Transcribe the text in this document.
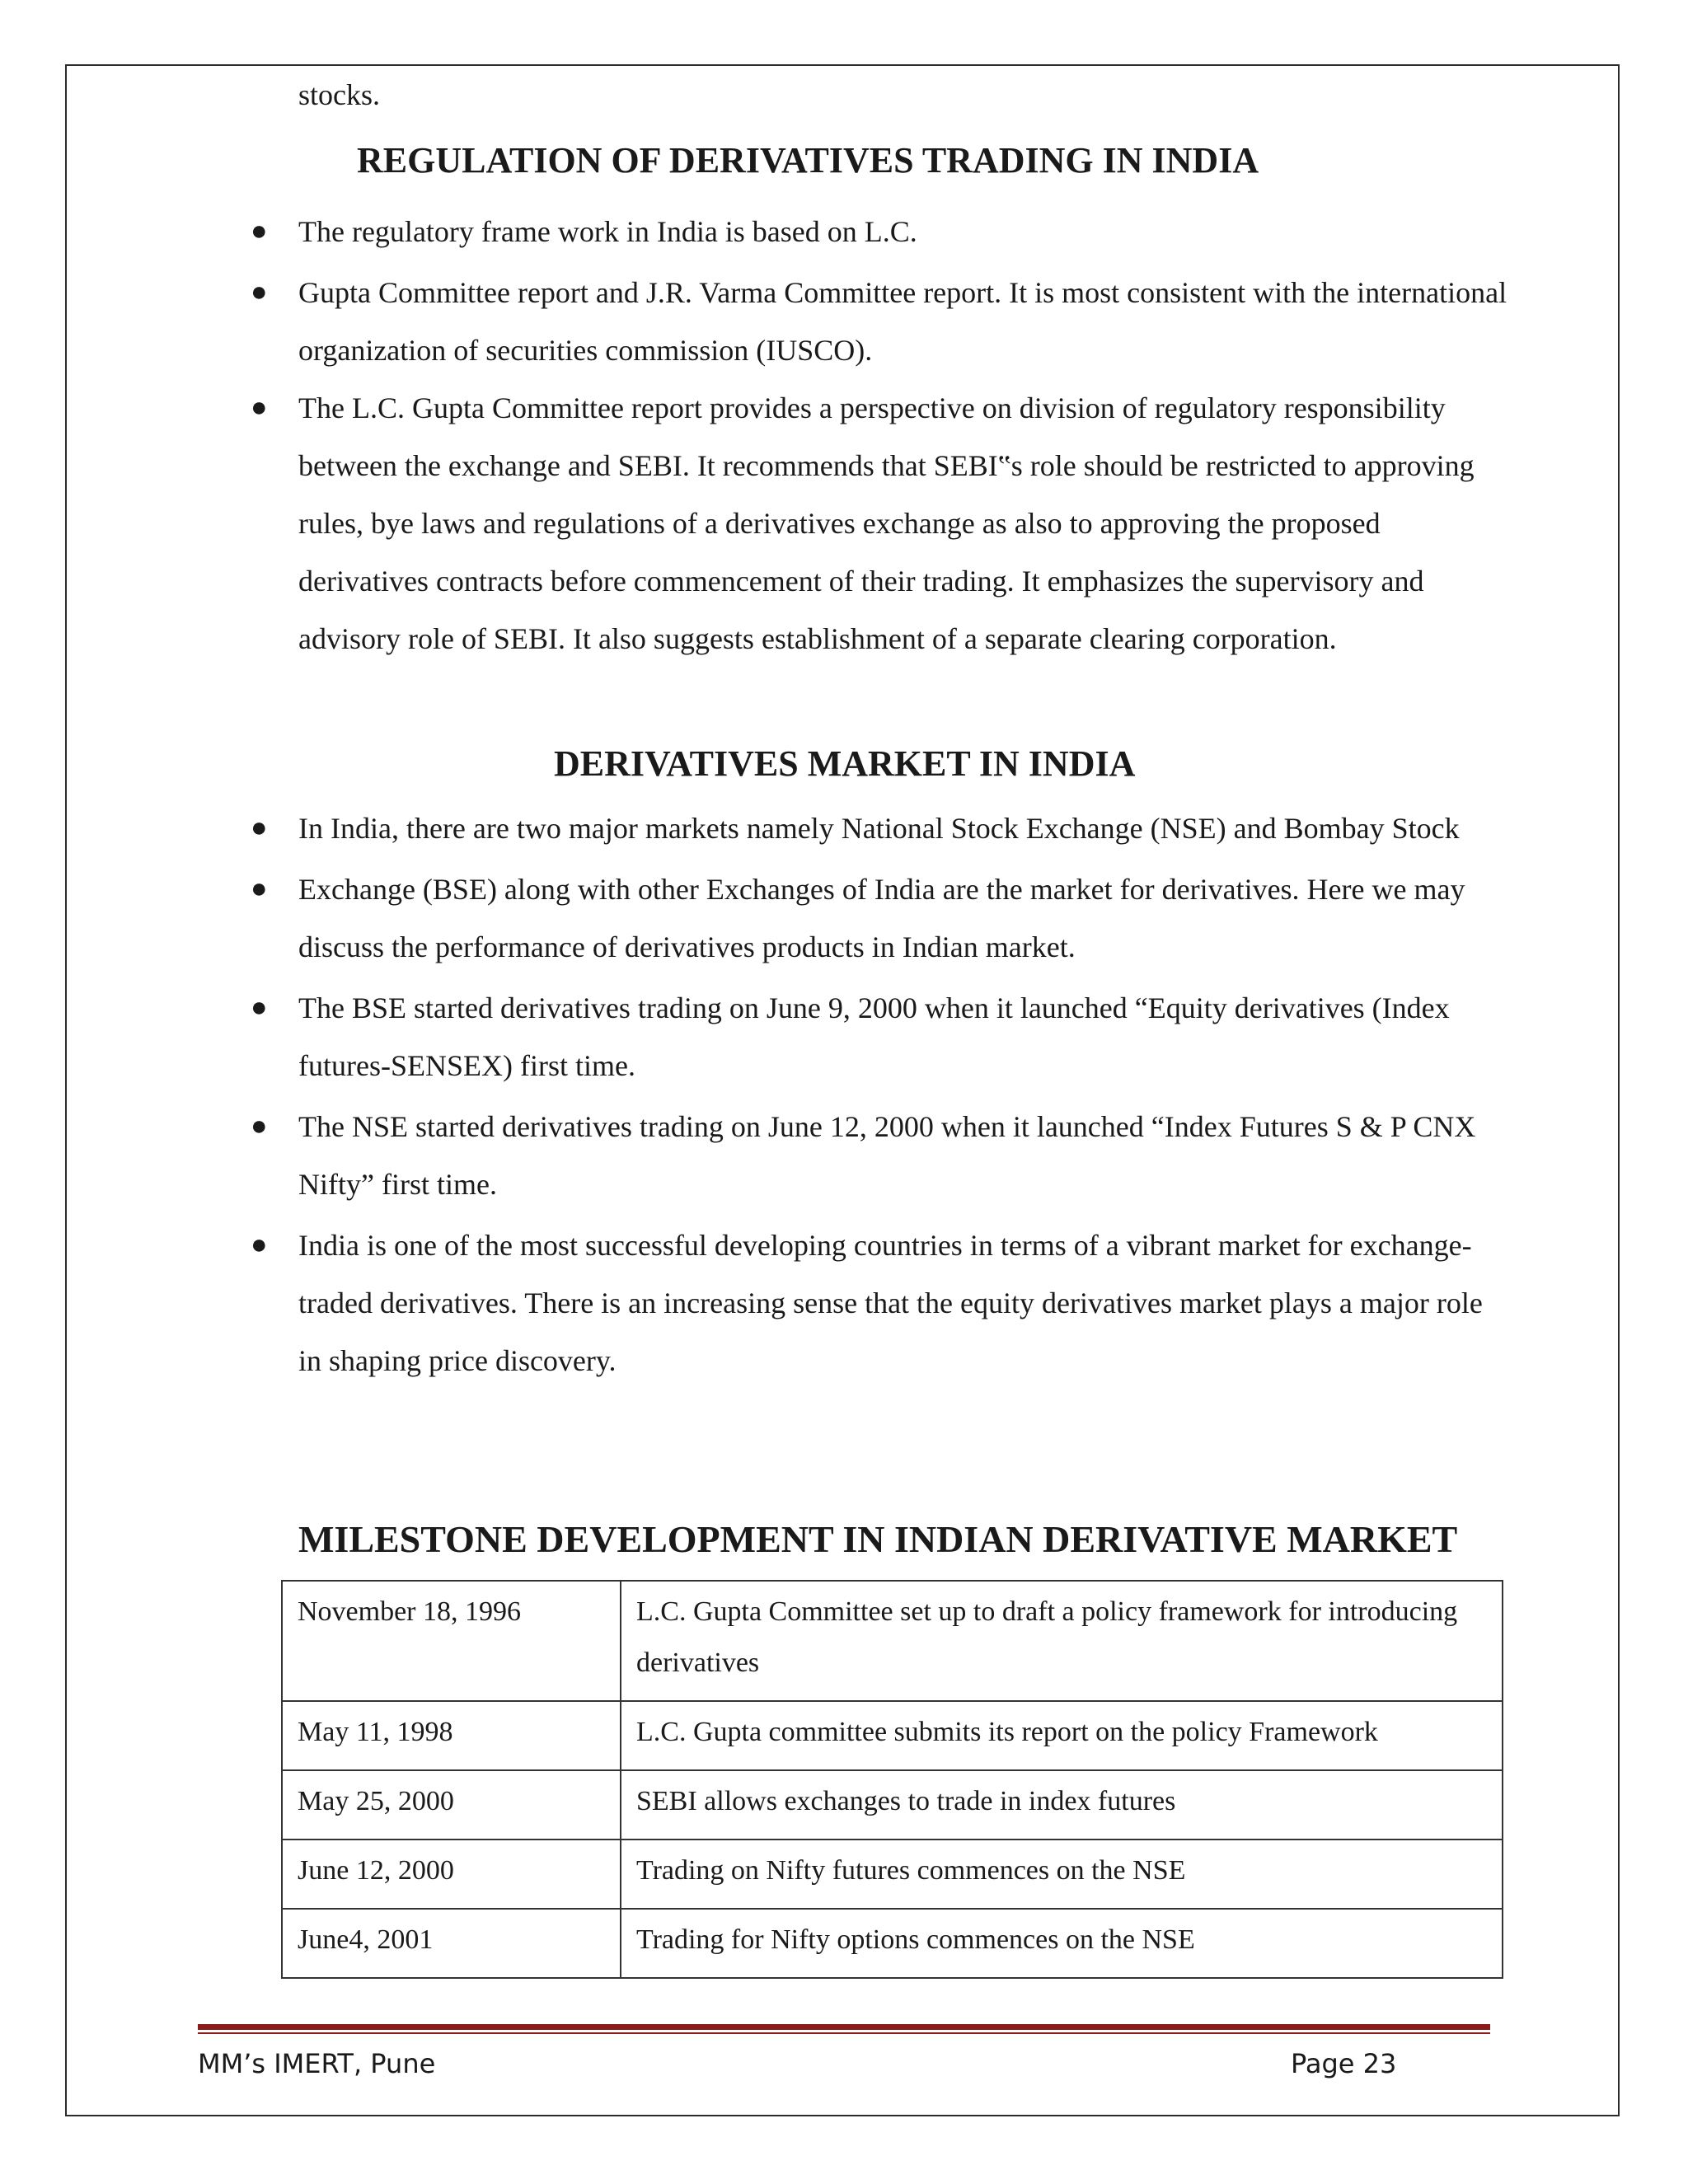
stocks.
REGULATION OF DERIVATIVES TRADING IN INDIA
● The regulatory frame work in India is based on L.C.
● Gupta Committee report and J.R. Varma Committee report. It is most consistent with the international organization of securities commission (IUSCO).
● The L.C. Gupta Committee report provides a perspective on division of regulatory responsibility between the exchange and SEBI. It recommends that SEBI‟s role should be restricted to approving rules, bye laws and regulations of a derivatives exchange as also to approving the proposed derivatives contracts before commencement of their trading. It emphasizes the supervisory and advisory role of SEBI. It also suggests establishment of a separate clearing corporation.
DERIVATIVES MARKET IN INDIA
● In India, there are two major markets namely National Stock Exchange (NSE) and Bombay Stock
● Exchange (BSE) along with other Exchanges of India are the market for derivatives. Here we may discuss the performance of derivatives products in Indian market.
● The BSE started derivatives trading on June 9, 2000 when it launched “Equity derivatives (Index futures-SENSEX) first time.
● The NSE started derivatives trading on June 12, 2000 when it launched “Index Futures S & P CNX Nifty” first time.
● India is one of the most successful developing countries in terms of a vibrant market for exchange-traded derivatives. There is an increasing sense that the equity derivatives market plays a major role in shaping price discovery.
MILESTONE DEVELOPMENT IN INDIAN DERIVATIVE MARKET
November 18, 1996	L.C. Gupta Committee set up to draft a policy framework for introducing derivatives
May 11, 1998	L.C. Gupta committee submits its report on the policy Framework
May 25, 2000	SEBI allows exchanges to trade in index futures
June 12, 2000	Trading on Nifty futures commences on the NSE
June4, 2001	Trading for Nifty options commences on the NSE
MM’s IMERT, Pune	Page 23
